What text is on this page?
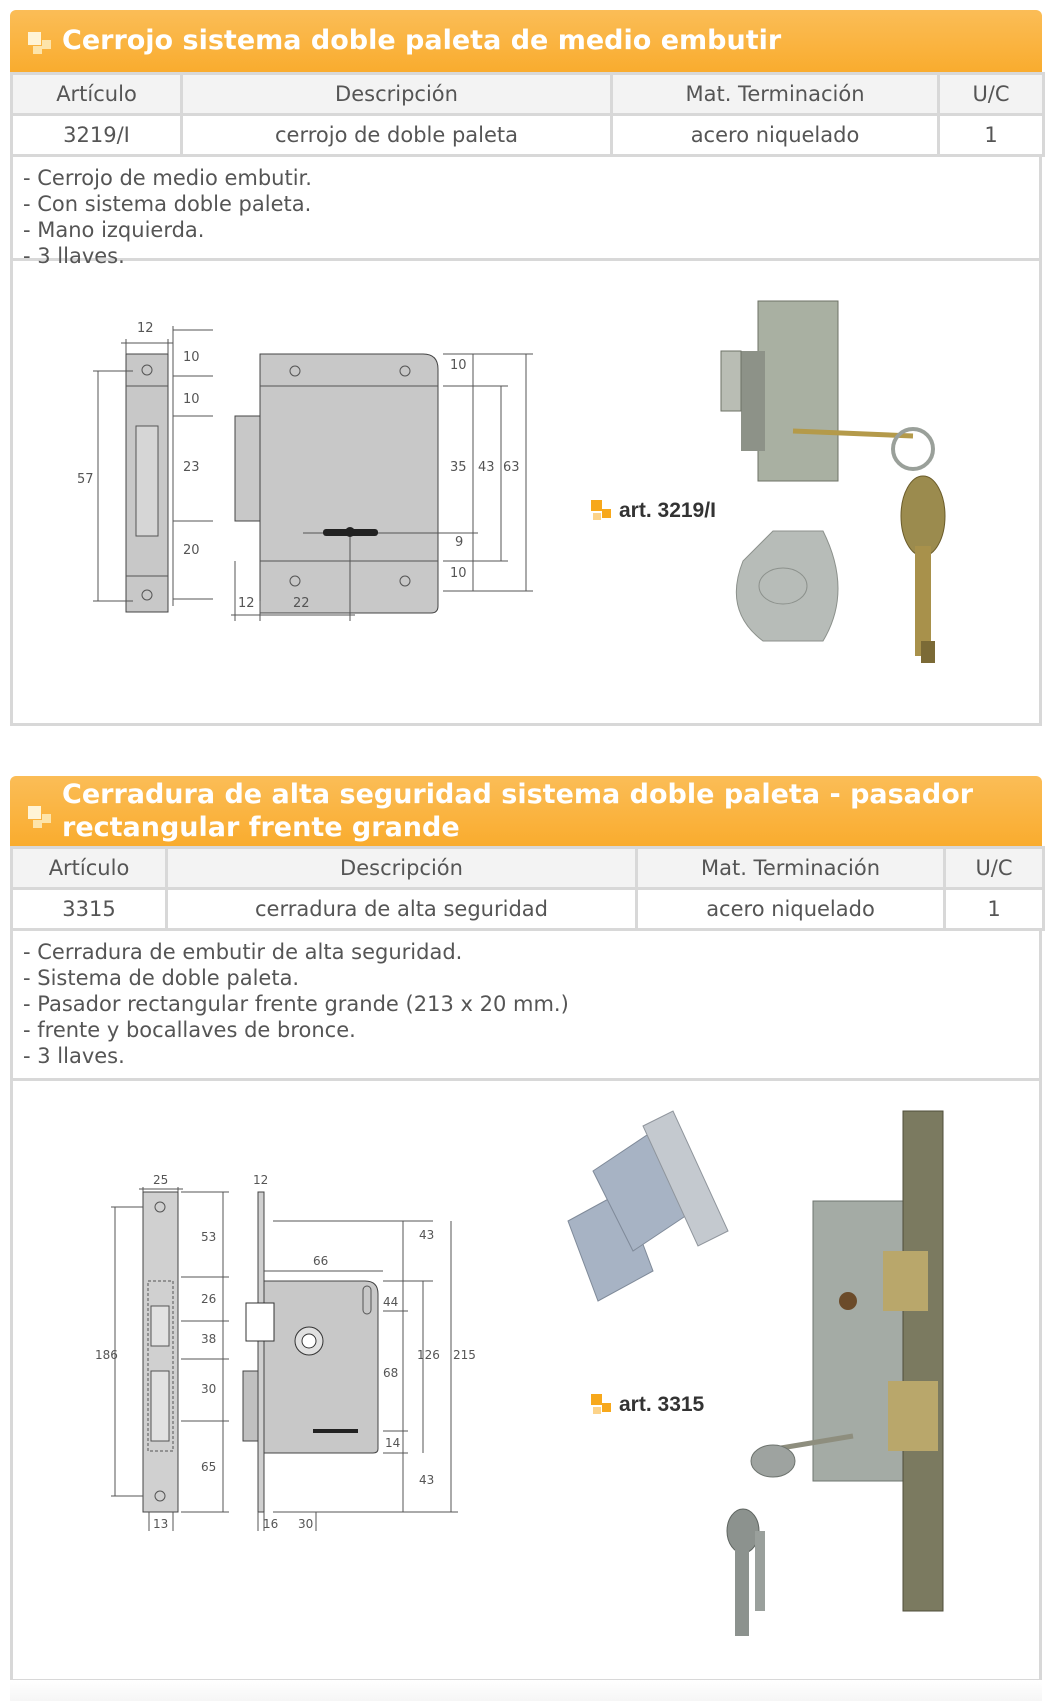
Cerrojo sistema doble paleta de medio embutir
Artículo	Descripción	Mat. Terminación	U/C
3219/I	cerrojo de doble paleta	acero niquelado	1
- Cerrojo de medio embutir.
- Con sistema doble paleta.
- Mano izquierda.
- 3 llaves.
12
57
10
10
23
20
10
35 43 63
9
10
12	22
art. 3219/I
Cerradura de alta seguridad sistema doble paleta - pasador
rectangular frente grande
Artículo	Descripción	Mat. Terminación	U/C
3315	cerradura de alta seguridad	acero niquelado	1
- Cerradura de embutir de alta seguridad.
- Sistema de doble paleta.
- Pasador rectangular frente grande (213 x 20 mm.)
- frente y bocallaves de bronce.
- 3 llaves.
25	12
186
53
26
38
30
65
13
66
44
68
14
43
43
126 215
16 30
art. 3315
